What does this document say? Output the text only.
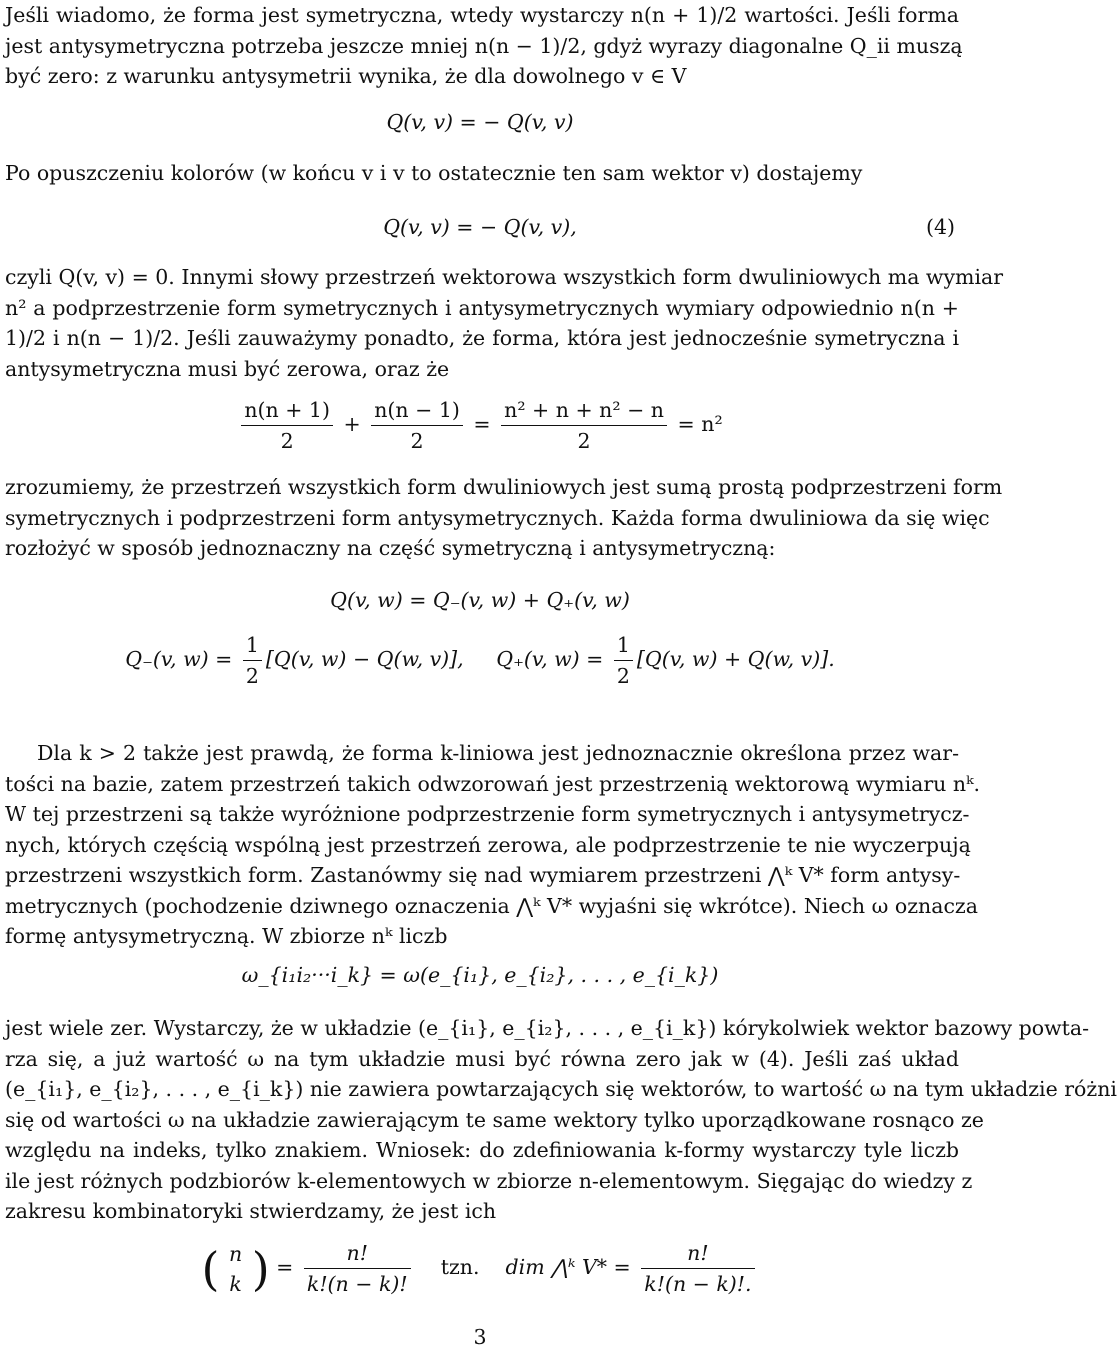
Jeśli wiadomo, że forma jest symetryczna, wtedy wystarczy n(n + 1)/2 wartości. Jeśli forma
jest antysymetryczna potrzeba jeszcze mniej n(n − 1)/2, gdyż wyrazy diagonalne Q_ii muszą
być zero: z warunku antysymetrii wynika, że dla dowolnego v ∈ V
Q(v, v) = − Q(v, v)
Po opuszczeniu kolorów (w końcu v i v to ostatecznie ten sam wektor v) dostajemy
Q(v, v) = − Q(v, v),	(4)
czyli Q(v, v) = 0. Innymi słowy przestrzeń wektorowa wszystkich form dwuliniowych ma wymiar
n² a podprzestrzenie form symetrycznych i antysymetrycznych wymiary odpowiednio n(n +
1)/2 i n(n − 1)/2. Jeśli zauważymy ponadto, że forma, która jest jednocześnie symetryczna i
antysymetryczna musi być zerowa, oraz że
$\frac{n(n + 1)}{2} + \frac{n(n - 1)}{2} = \frac{\text{n² + n + n² − n}}{2} = n^2$
zrozumiemy, że przestrzeń wszystkich form dwuliniowych jest sumą prostą podprzestrzeni form
symetrycznych i podprzestrzeni form antysymetrycznych. Każda forma dwuliniowa da się więc
rozłożyć w sposób jednoznaczny na część symetryczną i antysymetryczną:
Q(v, w) = Q₋(v, w) + Q₊(v, w)
Q₋(v, $w) = \frac{1}{2} [Q(v$, w) − Q(w, v)], Q₊(v, $w) = \frac{1}{2} [Q(v$, w) + Q(w, v)].
Dla k > 2 także jest prawdą, że forma k-liniowa jest jednoznacznie określona przez war-
tości na bazie, zatem przestrzeń takich odwzorowań jest przestrzenią wektorową wymiaru nᵏ.
W tej przestrzeni są także wyróżnione podprzestrzenie form symetrycznych i antysymetrycz-
nych, których częścią wspólną jest przestrzeń zerowa, ale podprzestrzenie te nie wyczerpują
przestrzeni wszystkich form. Zastanówmy się nad wymiarem przestrzeni ⋀ᵏ V* form antysy-
metrycznych (pochodzenie dziwnego oznaczenia ⋀ᵏ V* wyjaśni się wkrótce). Niech ω oznacza
formę antysymetryczną. W zbiorze nᵏ liczb
ω_{i₁i₂···i_k} = ω(e_{i₁}, e_{i₂}, . . . , e_{i_k})
jest wiele zer. Wystarczy, że w układzie (e_{i₁}, e_{i₂}, . . . , e_{i_k}) kórykolwiek wektor bazowy powta-
rza się, a już wartość ω na tym układzie musi być równa zero jak w (4). Jeśli zaś układ
(e_{i₁}, e_{i₂}, . . . , e_{i_k}) nie zawiera powtarzających się wektorów, to wartość ω na tym układzie różni
się od wartości ω na układzie zawierającym te same wektory tylko uporządkowane rosnąco ze
względu na indeks, tylko znakiem. Wniosek: do zdefiniowania k-formy wystarczy tyle liczb
ile jest różnych podzbiorów k-elementowych w zbiorze n-elementowym. Sięgając do wiedzy z
zakresu kombinatoryki stwierdzamy, że jest ich
( n
k ) = $\frac{n!}{k!(n - k)!}$ tzn. dim ⋀ᵏ $V* = \frac{n!}{k!(n - k)!.}$
3
